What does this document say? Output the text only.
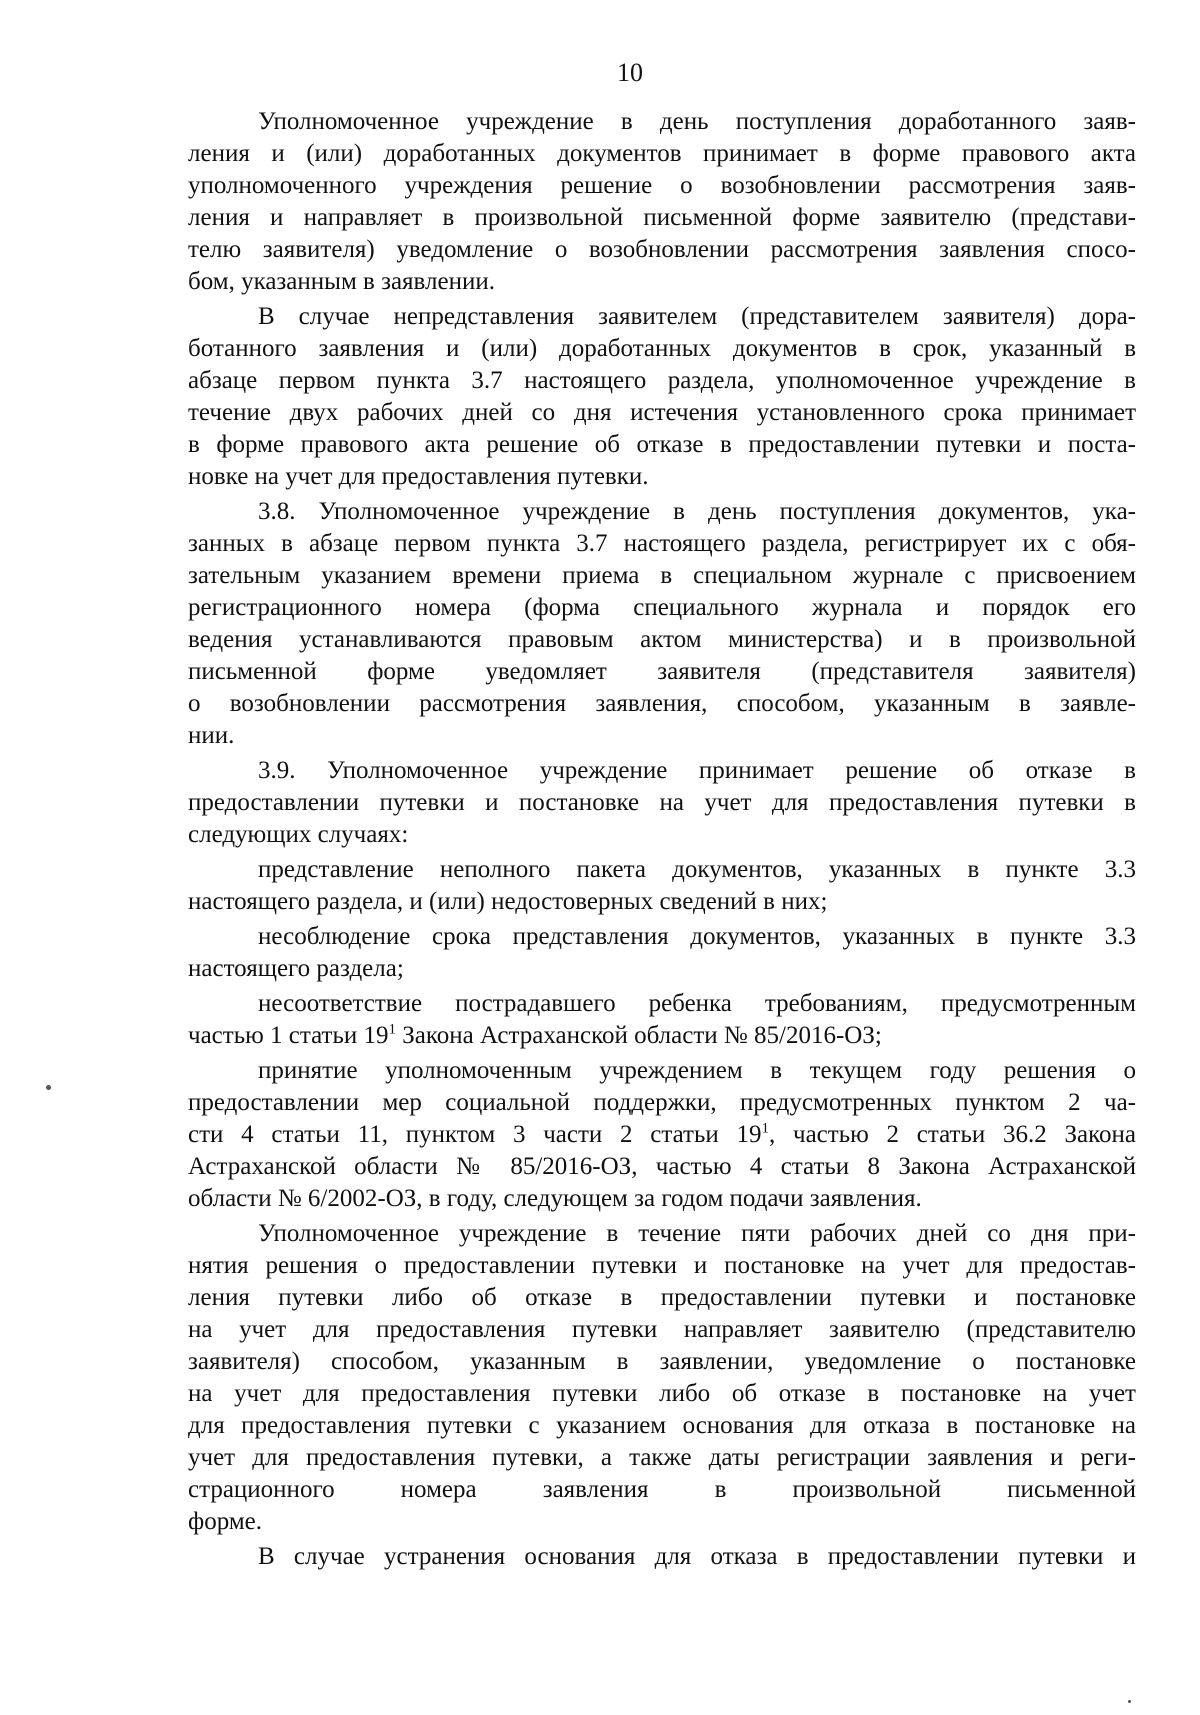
10
Уполномоченное учреждение в день поступления доработанного заяв-
ления и (или) доработанных документов принимает в форме правового акта
уполномоченного учреждения решение о возобновлении рассмотрения заяв-
ления и направляет в произвольной письменной форме заявителю (представи-
телю заявителя) уведомление о возобновлении рассмотрения заявления спосо-
бом, указанным в заявлении.
В случае непредставления заявителем (представителем заявителя) дора-
ботанного заявления и (или) доработанных документов в срок, указанный в
абзаце первом пункта 3.7 настоящего раздела, уполномоченное учреждение в
течение двух рабочих дней со дня истечения установленного срока принимает
в форме правового акта решение об отказе в предоставлении путевки и поста-
новке на учет для предоставления путевки.
3.8. Уполномоченное учреждение в день поступления документов, ука-
занных в абзаце первом пункта 3.7 настоящего раздела, регистрирует их с обя-
зательным указанием времени приема в специальном журнале с присвоением
регистрационного номера (форма специального журнала и порядок его
ведения устанавливаются правовым актом министерства) и в произвольной
письменной форме уведомляет заявителя (представителя заявителя)
о возобновлении рассмотрения заявления, способом, указанным в заявле-
нии.
3.9. Уполномоченное учреждение принимает решение об отказе в
предоставлении путевки и постановке на учет для предоставления путевки в
следующих случаях:
представление неполного пакета документов, указанных в пункте 3.3
настоящего раздела, и (или) недостоверных сведений в них;
несоблюдение срока представления документов, указанных в пункте 3.3
настоящего раздела;
несоответствие пострадавшего ребенка требованиям, предусмотренным
частью 1 статьи $19^1$ Закона Астраханской области № 85/2016-ОЗ;
принятие уполномоченным учреждением в текущем году решения о
предоставлении мер социальной поддержки, предусмотренных пунктом 2 ча-
сти 4 статьи 11, пунктом 3 части 2 статьи $19^1$, частью 2 статьи 36.2 Закона
Астраханской области № 85/2016-ОЗ, частью 4 статьи 8 Закона Астраханской
области № 6/2002-ОЗ, в году, следующем за годом подачи заявления.
Уполномоченное учреждение в течение пяти рабочих дней со дня при-
нятия решения о предоставлении путевки и постановке на учет для предостав-
ления путевки либо об отказе в предоставлении путевки и постановке
на учет для предоставления путевки направляет заявителю (представителю
заявителя) способом, указанным в заявлении, уведомление о постановке
на учет для предоставления путевки либо об отказе в постановке на учет
для предоставления путевки с указанием основания для отказа в постановке на
учет для предоставления путевки, а также даты регистрации заявления и реги-
страционного номера заявления в произвольной письменной
форме.
В случае устранения основания для отказа в предоставлении путевки и
